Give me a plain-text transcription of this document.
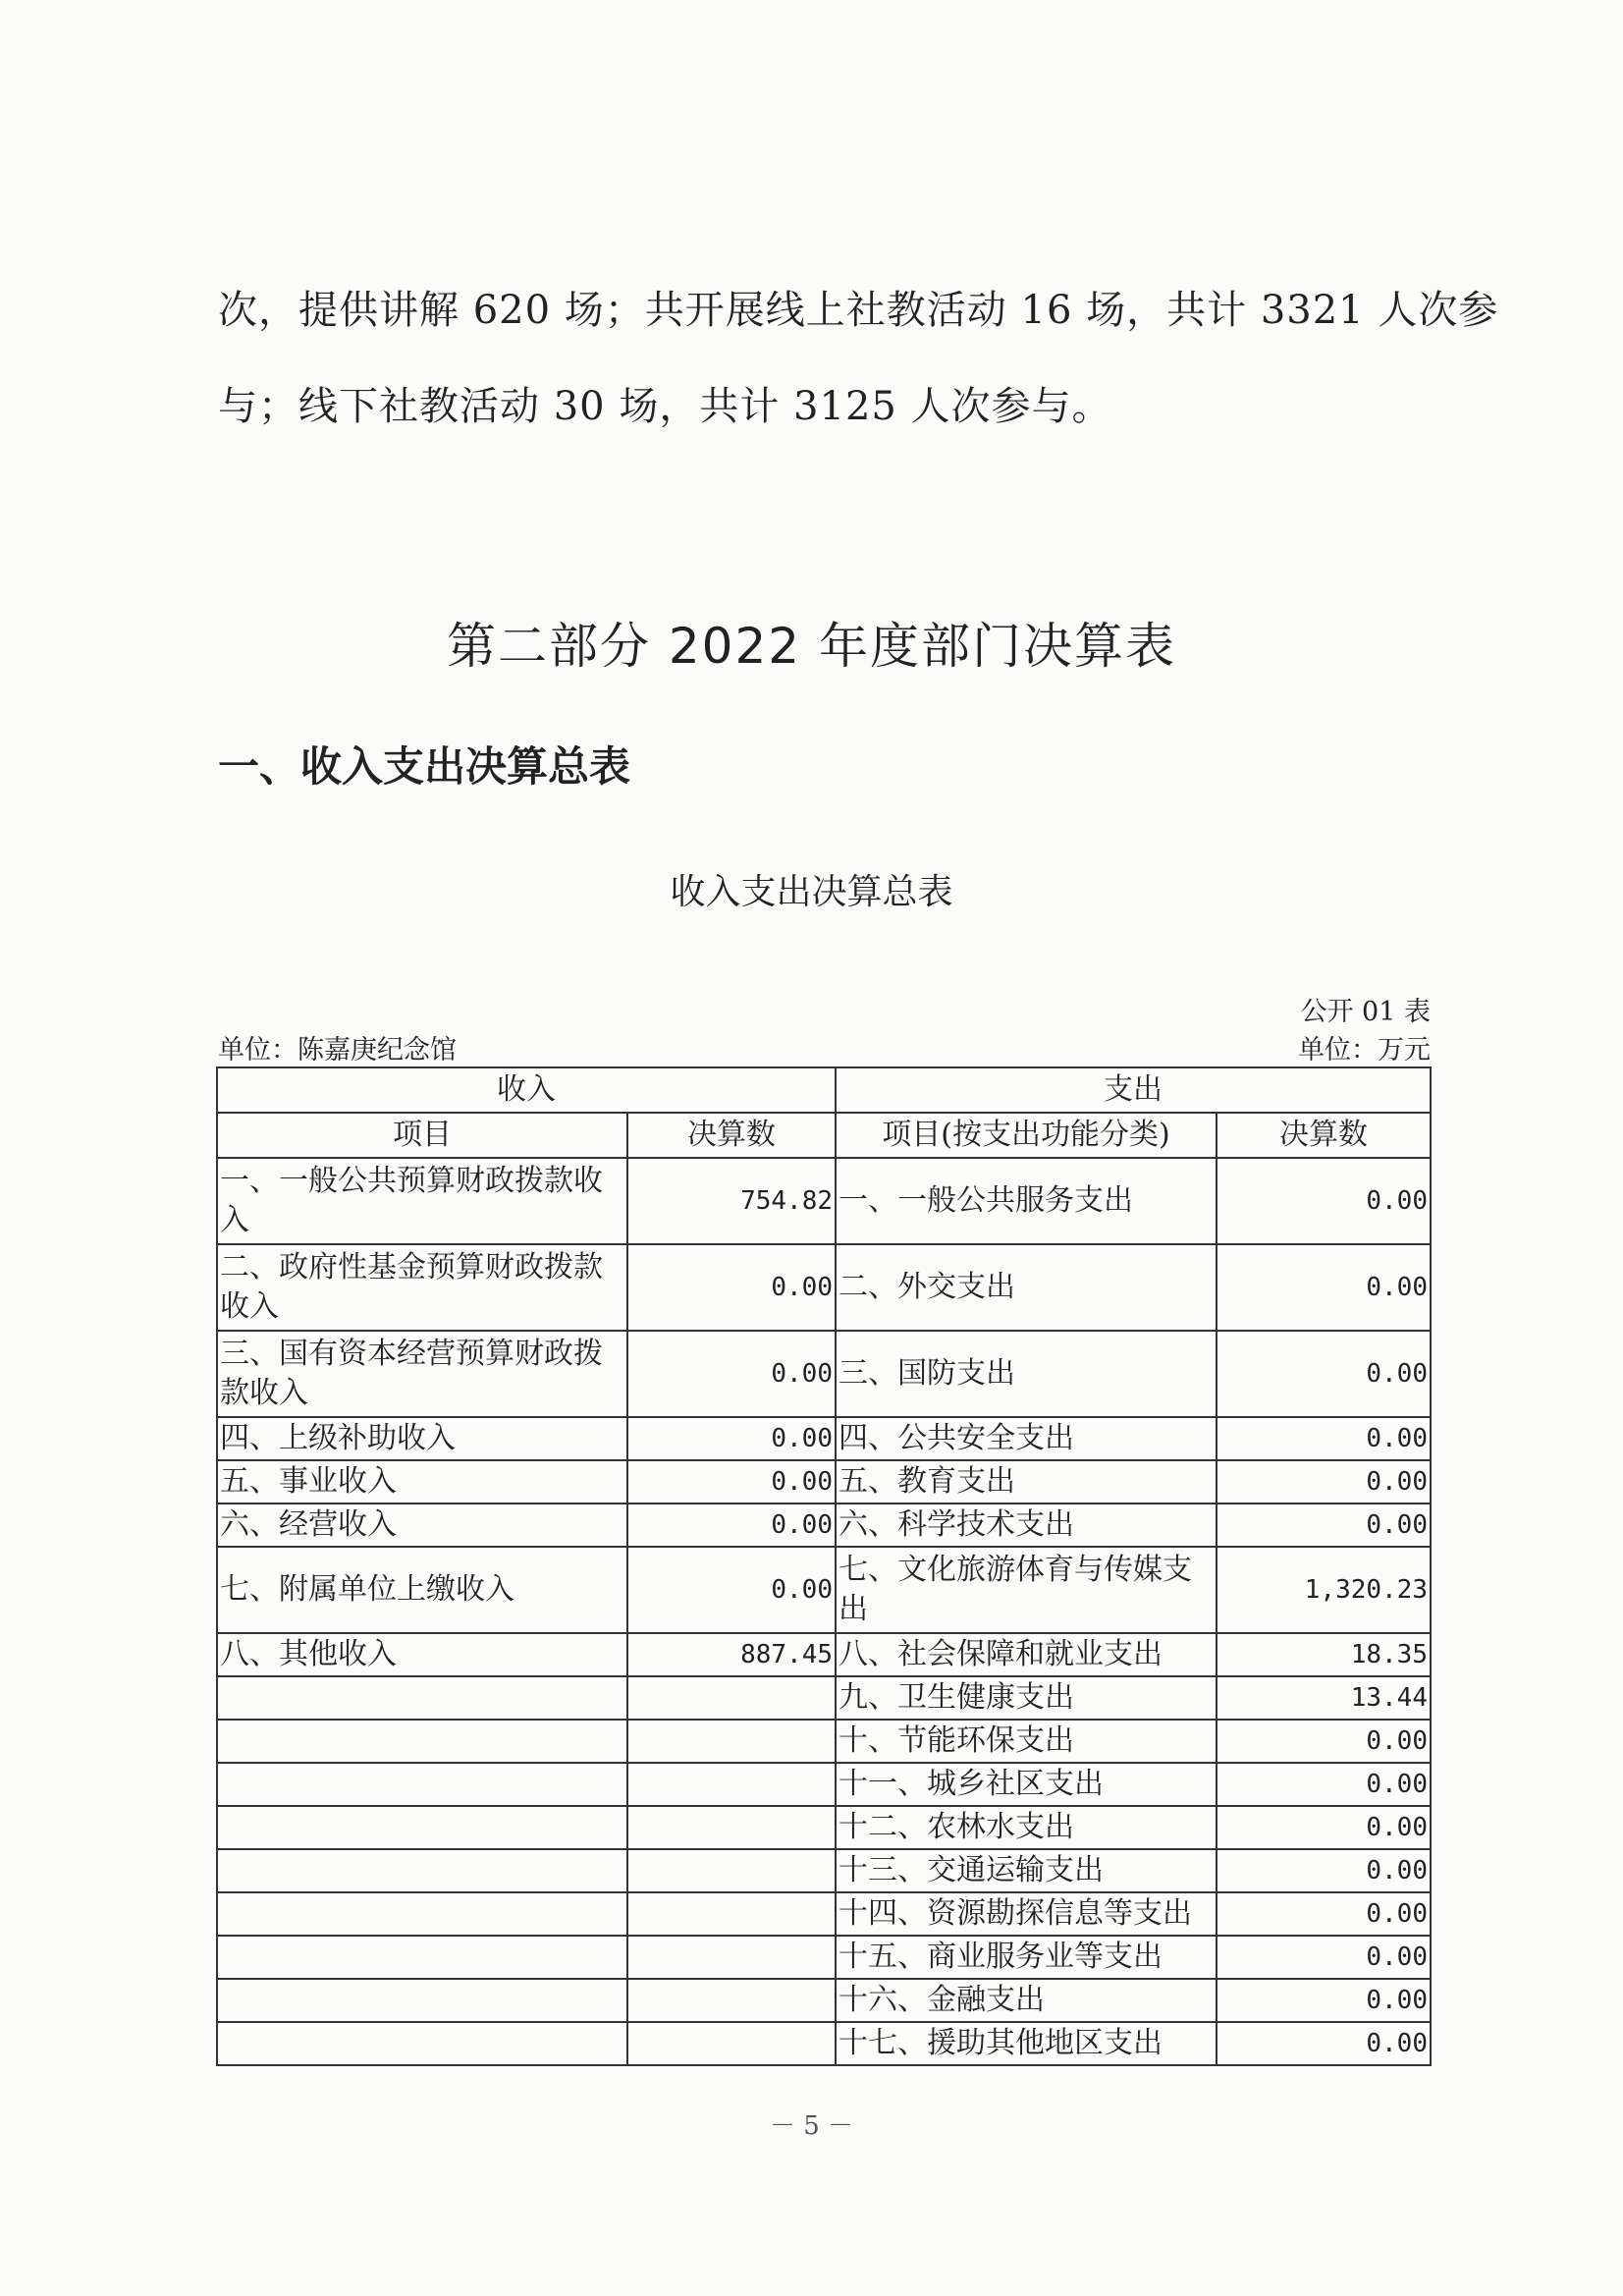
次，提供讲解 620 场；共开展线上社教活动 16 场，共计 3321 人次参
与；线下社教活动 30 场，共计 3125 人次参与。
第二部分 2022 年度部门决算表
一、收入支出决算总表
收入支出决算总表
公开 01 表
单位：陈嘉庚纪念馆	单位：万元
收入		支出	
项目	决算数	项目(按支出功能分类)	决算数
一、一般公共预算财政拨款收入	754.82	一、一般公共服务支出	0.00
二、政府性基金预算财政拨款收入	0.00	二、外交支出	0.00
三、国有资本经营预算财政拨款收入	0.00	三、国防支出	0.00
四、上级补助收入	0.00	四、公共安全支出	0.00
五、事业收入	0.00	五、教育支出	0.00
六、经营收入	0.00	六、科学技术支出	0.00
七、附属单位上缴收入	0.00	七、文化旅游体育与传媒支出	1,320.23
八、其他收入	887.45	八、社会保障和就业支出	18.35
		九、卫生健康支出	13.44
		十、节能环保支出	0.00
		十一、城乡社区支出	0.00
		十二、农林水支出	0.00
		十三、交通运输支出	0.00
		十四、资源勘探信息等支出	0.00
		十五、商业服务业等支出	0.00
		十六、金融支出	0.00
		十七、援助其他地区支出	0.00
－ 5 －
